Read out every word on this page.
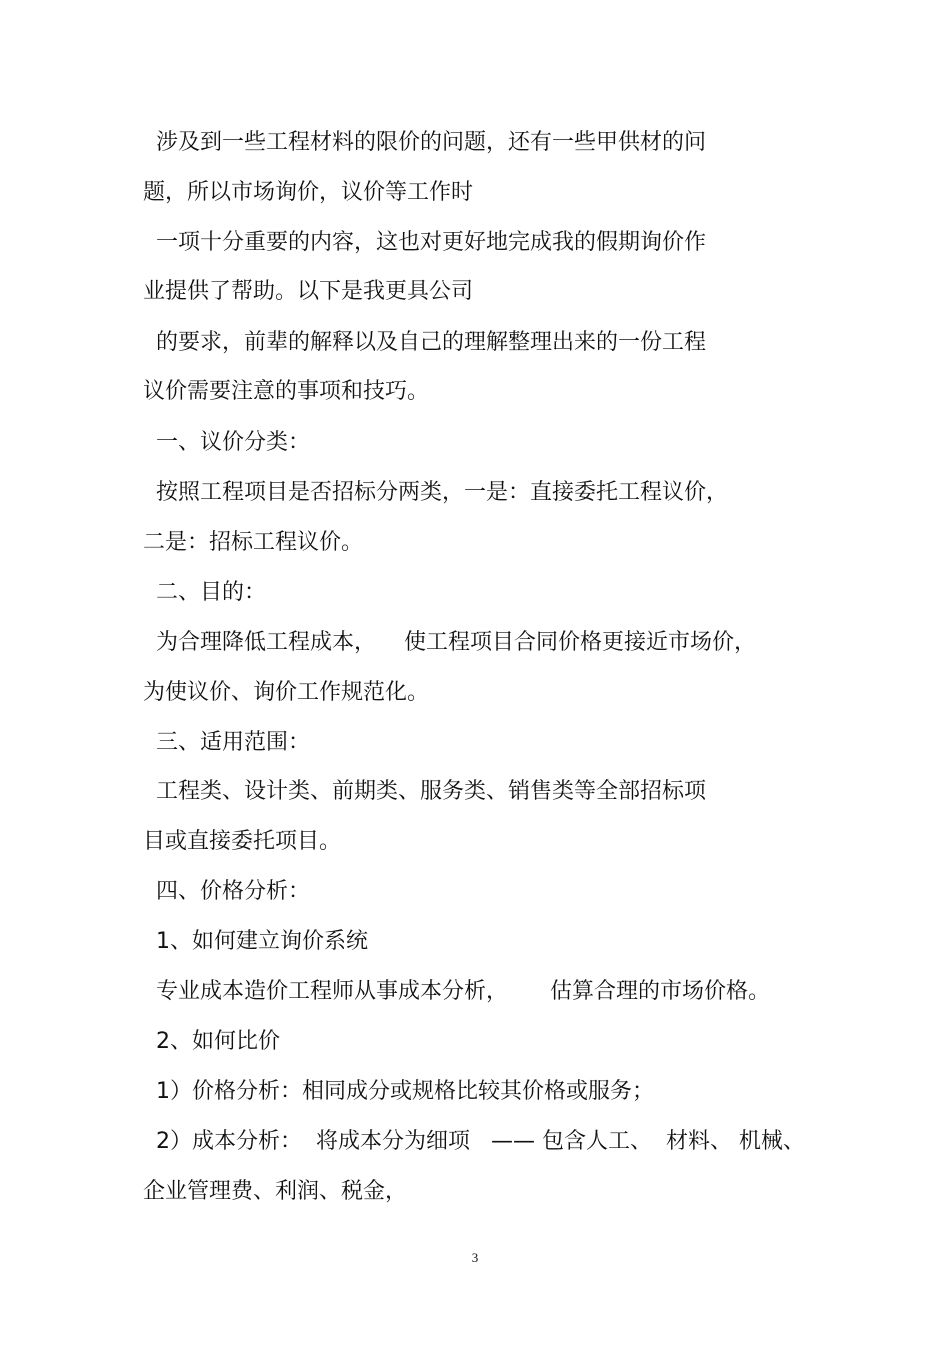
涉及到一些工程材料的限价的问题，还有一些甲供材的问
题，所以市场询价，议价等工作时
一项十分重要的内容，这也对更好地完成我的假期询价作
业提供了帮助。以下是我更具公司
的要求，前辈的解释以及自己的理解整理出来的一份工程
议价需要注意的事项和技巧。
一、议价分类：
按照工程项目是否招标分两类，一是：直接委托工程议价，
二是：招标工程议价。
二、目的：
为合理降低工程成本，    使工程项目合同价格更接近市场价，
为使议价、询价工作规范化。
三、适用范围：
工程类、设计类、前期类、服务类、销售类等全部招标项
目或直接委托项目。
四、价格分析：
1、如何建立询价系统
专业成本造价工程师从事成本分析，      估算合理的市场价格。
2、如何比价
1）价格分析：相同成分或规格比较其价格或服务；
2）成本分析：  将成本分为细项   —— 包含人工、  材料、 机械、
企业管理费、利润、税金，
3
